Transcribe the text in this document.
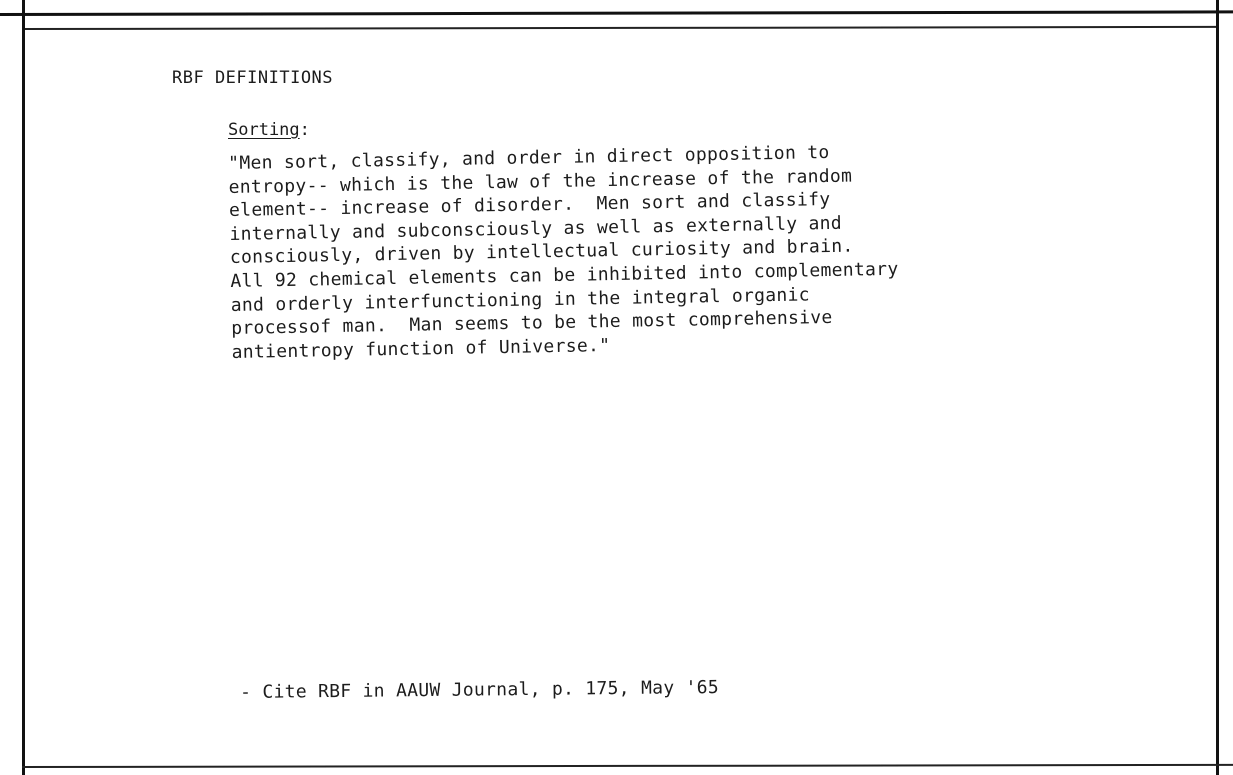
RBF DEFINITIONS

Sorting:

"Men sort, classify, and order in direct opposition to
entropy-- which is the law of the increase of the random
element-- increase of disorder.  Men sort and classify
internally and subconsciously as well as externally and
consciously, driven by intellectual curiosity and brain.
All 92 chemical elements can be inhibited into complementary
and orderly interfunctioning in the integral organic
processof man.  Man seems to be the most comprehensive
antientropy function of Universe."

- Cite RBF in AAUW Journal, p. 175, May '65
